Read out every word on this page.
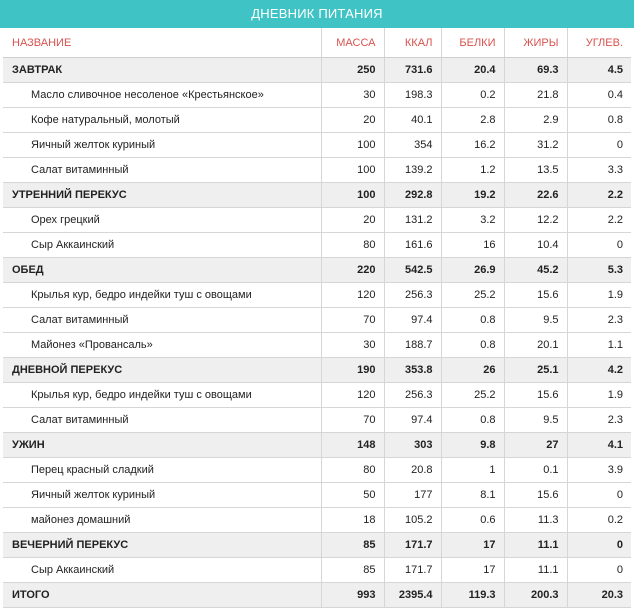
ДНЕВНИК ПИТАНИЯ
НАЗВАНИЕ	МАССА	ККАЛ	БЕЛКИ	ЖИРЫ	УГЛЕВ.
ЗАВТРАК	250	731.6	20.4	69.3	4.5
Масло сливочное несоленое «Крестьянское»	30	198.3	0.2	21.8	0.4
Кофе натуральный, молотый	20	40.1	2.8	2.9	0.8
Яичный желток куриный	100	354	16.2	31.2	0
Салат витаминный	100	139.2	1.2	13.5	3.3
УТРЕННИЙ ПЕРЕКУС	100	292.8	19.2	22.6	2.2
Орех грецкий	20	131.2	3.2	12.2	2.2
Сыр Аккаинский	80	161.6	16	10.4	0
ОБЕД	220	542.5	26.9	45.2	5.3
Крылья кур, бедро индейки туш с овощами	120	256.3	25.2	15.6	1.9
Салат витаминный	70	97.4	0.8	9.5	2.3
Майонез «Провансаль»	30	188.7	0.8	20.1	1.1
ДНЕВНОЙ ПЕРЕКУС	190	353.8	26	25.1	4.2
Крылья кур, бедро индейки туш с овощами	120	256.3	25.2	15.6	1.9
Салат витаминный	70	97.4	0.8	9.5	2.3
УЖИН	148	303	9.8	27	4.1
Перец красный сладкий	80	20.8	1	0.1	3.9
Яичный желток куриный	50	177	8.1	15.6	0
майонез домашний	18	105.2	0.6	11.3	0.2
ВЕЧЕРНИЙ ПЕРЕКУС	85	171.7	17	11.1	0
Сыр Аккаинский	85	171.7	17	11.1	0
ИТОГО	993	2395.4	119.3	200.3	20.3
